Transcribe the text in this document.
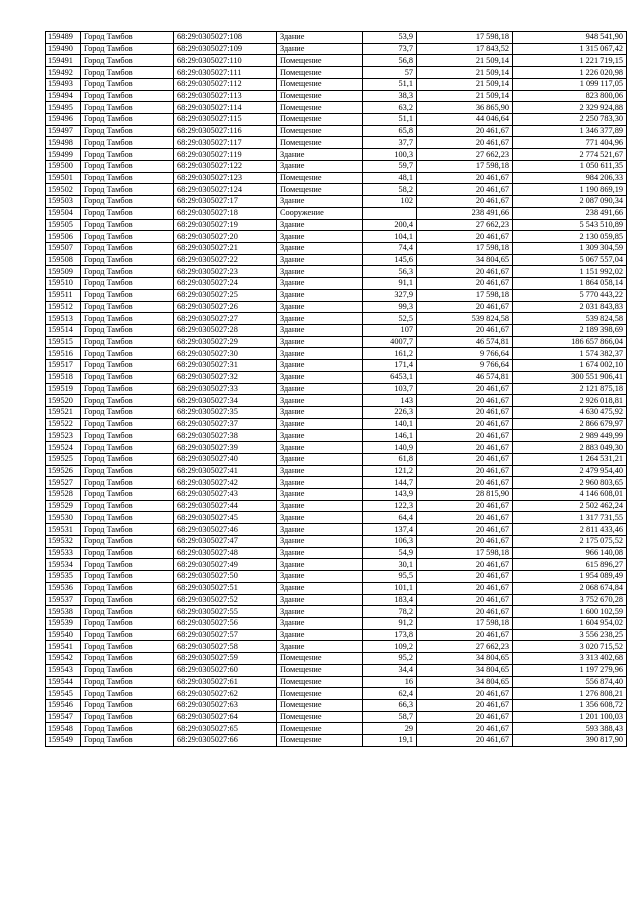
159489	Город Тамбов	68:29:0305027:108	Здание	53,9	17 598,18	948 541,90
159490	Город Тамбов	68:29:0305027:109	Здание	73,7	17 843,52	1 315 067,42
159491	Город Тамбов	68:29:0305027:110	Помещение	56,8	21 509,14	1 221 719,15
159492	Город Тамбов	68:29:0305027:111	Помещение	57	21 509,14	1 226 020,98
159493	Город Тамбов	68:29:0305027:112	Помещение	51,1	21 509,14	1 099 117,05
159494	Город Тамбов	68:29:0305027:113	Помещение	38,3	21 509,14	823 800,06
159495	Город Тамбов	68:29:0305027:114	Помещение	63,2	36 865,90	2 329 924,88
159496	Город Тамбов	68:29:0305027:115	Помещение	51,1	44 046,64	2 250 783,30
159497	Город Тамбов	68:29:0305027:116	Помещение	65,8	20 461,67	1 346 377,89
159498	Город Тамбов	68:29:0305027:117	Помещение	37,7	20 461,67	771 404,96
159499	Город Тамбов	68:29:0305027:119	Здание	100,3	27 662,23	2 774 521,67
159500	Город Тамбов	68:29:0305027:122	Здание	59,7	17 598,18	1 050 611,35
159501	Город Тамбов	68:29:0305027:123	Помещение	48,1	20 461,67	984 206,33
159502	Город Тамбов	68:29:0305027:124	Помещение	58,2	20 461,67	1 190 869,19
159503	Город Тамбов	68:29:0305027:17	Здание	102	20 461,67	2 087 090,34
159504	Город Тамбов	68:29:0305027:18	Сооружение		238 491,66	238 491,66
159505	Город Тамбов	68:29:0305027:19	Здание	200,4	27 662,23	5 543 510,89
159506	Город Тамбов	68:29:0305027:20	Здание	104,1	20 461,67	2 130 059,85
159507	Город Тамбов	68:29:0305027:21	Здание	74,4	17 598,18	1 309 304,59
159508	Город Тамбов	68:29:0305027:22	Здание	145,6	34 804,65	5 067 557,04
159509	Город Тамбов	68:29:0305027:23	Здание	56,3	20 461,67	1 151 992,02
159510	Город Тамбов	68:29:0305027:24	Здание	91,1	20 461,67	1 864 058,14
159511	Город Тамбов	68:29:0305027:25	Здание	327,9	17 598,18	5 770 443,22
159512	Город Тамбов	68:29:0305027:26	Здание	99,3	20 461,67	2 031 843,83
159513	Город Тамбов	68:29:0305027:27	Здание	52,5	539 824,58	539 824,58
159514	Город Тамбов	68:29:0305027:28	Здание	107	20 461,67	2 189 398,69
159515	Город Тамбов	68:29:0305027:29	Здание	4007,7	46 574,81	186 657 866,04
159516	Город Тамбов	68:29:0305027:30	Здание	161,2	9 766,64	1 574 382,37
159517	Город Тамбов	68:29:0305027:31	Здание	171,4	9 766,64	1 674 002,10
159518	Город Тамбов	68:29:0305027:32	Здание	6453,1	46 574,81	300 551 906,41
159519	Город Тамбов	68:29:0305027:33	Здание	103,7	20 461,67	2 121 875,18
159520	Город Тамбов	68:29:0305027:34	Здание	143	20 461,67	2 926 018,81
159521	Город Тамбов	68:29:0305027:35	Здание	226,3	20 461,67	4 630 475,92
159522	Город Тамбов	68:29:0305027:37	Здание	140,1	20 461,67	2 866 679,97
159523	Город Тамбов	68:29:0305027:38	Здание	146,1	20 461,67	2 989 449,99
159524	Город Тамбов	68:29:0305027:39	Здание	140,9	20 461,67	2 883 049,30
159525	Город Тамбов	68:29:0305027:40	Здание	61,8	20 461,67	1 264 531,21
159526	Город Тамбов	68:29:0305027:41	Здание	121,2	20 461,67	2 479 954,40
159527	Город Тамбов	68:29:0305027:42	Здание	144,7	20 461,67	2 960 803,65
159528	Город Тамбов	68:29:0305027:43	Здание	143,9	28 815,90	4 146 608,01
159529	Город Тамбов	68:29:0305027:44	Здание	122,3	20 461,67	2 502 462,24
159530	Город Тамбов	68:29:0305027:45	Здание	64,4	20 461,67	1 317 731,55
159531	Город Тамбов	68:29:0305027:46	Здание	137,4	20 461,67	2 811 433,46
159532	Город Тамбов	68:29:0305027:47	Здание	106,3	20 461,67	2 175 075,52
159533	Город Тамбов	68:29:0305027:48	Здание	54,9	17 598,18	966 140,08
159534	Город Тамбов	68:29:0305027:49	Здание	30,1	20 461,67	615 896,27
159535	Город Тамбов	68:29:0305027:50	Здание	95,5	20 461,67	1 954 089,49
159536	Город Тамбов	68:29:0305027:51	Здание	101,1	20 461,67	2 068 674,84
159537	Город Тамбов	68:29:0305027:52	Здание	183,4	20 461,67	3 752 670,28
159538	Город Тамбов	68:29:0305027:55	Здание	78,2	20 461,67	1 600 102,59
159539	Город Тамбов	68:29:0305027:56	Здание	91,2	17 598,18	1 604 954,02
159540	Город Тамбов	68:29:0305027:57	Здание	173,8	20 461,67	3 556 238,25
159541	Город Тамбов	68:29:0305027:58	Здание	109,2	27 662,23	3 020 715,52
159542	Город Тамбов	68:29:0305027:59	Помещение	95,2	34 804,65	3 313 402,68
159543	Город Тамбов	68:29:0305027:60	Помещение	34,4	34 804,65	1 197 279,96
159544	Город Тамбов	68:29:0305027:61	Помещение	16	34 804,65	556 874,40
159545	Город Тамбов	68:29:0305027:62	Помещение	62,4	20 461,67	1 276 808,21
159546	Город Тамбов	68:29:0305027:63	Помещение	66,3	20 461,67	1 356 608,72
159547	Город Тамбов	68:29:0305027:64	Помещение	58,7	20 461,67	1 201 100,03
159548	Город Тамбов	68:29:0305027:65	Помещение	29	20 461,67	593 388,43
159549	Город Тамбов	68:29:0305027:66	Помещение	19,1	20 461,67	390 817,90
